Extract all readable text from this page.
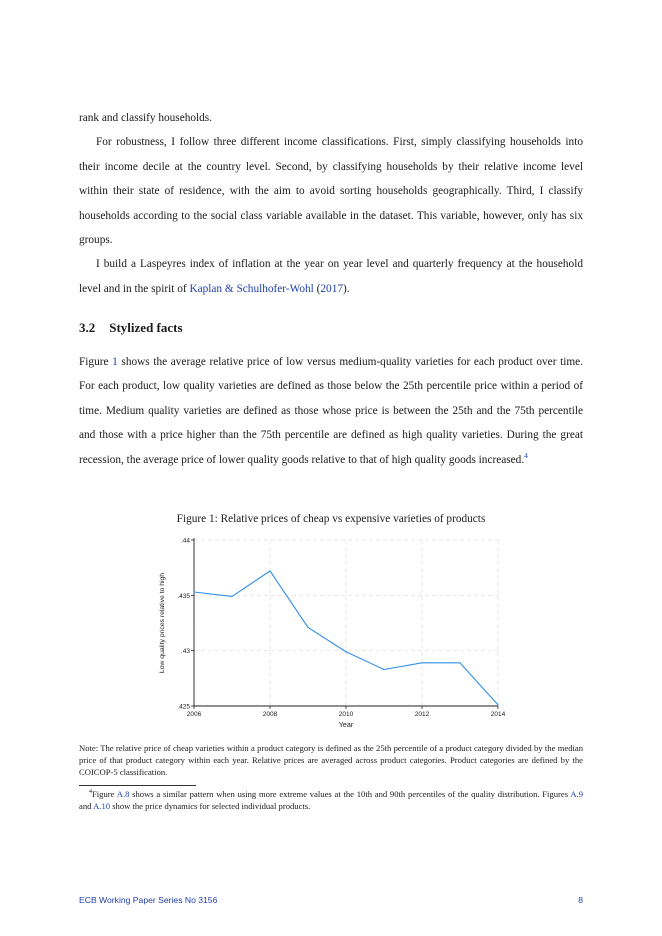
rank and classify households.

For robustness, I follow three different income classifications. First, simply classifying households into their income decile at the country level. Second, by classifying households by their relative income level within their state of residence, with the aim to avoid sorting households geographically. Third, I classify households according to the social class variable available in the dataset. This variable, however, only has six groups.

I build a Laspeyres index of inflation at the year on year level and quarterly frequency at the household level and in the spirit of Kaplan & Schulhofer-Wohl (2017).

3.2 Stylized facts

Figure 1 shows the average relative price of low versus medium-quality varieties for each product over time. For each product, low quality varieties are defined as those below the 25th percentile price within a period of time. Medium quality varieties are defined as those whose price is between the 25th and the 75th percentile and those with a price higher than the 75th percentile are defined as high quality varieties. During the great recession, the average price of lower quality goods relative to that of high quality goods increased.$^4$

Figure 1: Relative prices of cheap vs expensive varieties of products

.425
.43
.435
.44
2006	2008	2010	2012	2014
Year
Low quality prices relative to high

Note: The relative price of cheap varieties within a product category is defined as the 25th percentile of a product category divided by the median price of that product category within each year. Relative prices are averaged across product categories. Product categories are defined by the COICOP-5 classification.

$^4$Figure A.8 shows a similar pattern when using more extreme values at the 10th and 90th percentiles of the quality distribution. Figures A.9 and A.10 show the price dynamics for selected individual products.

ECB Working Paper Series No 3156	8
